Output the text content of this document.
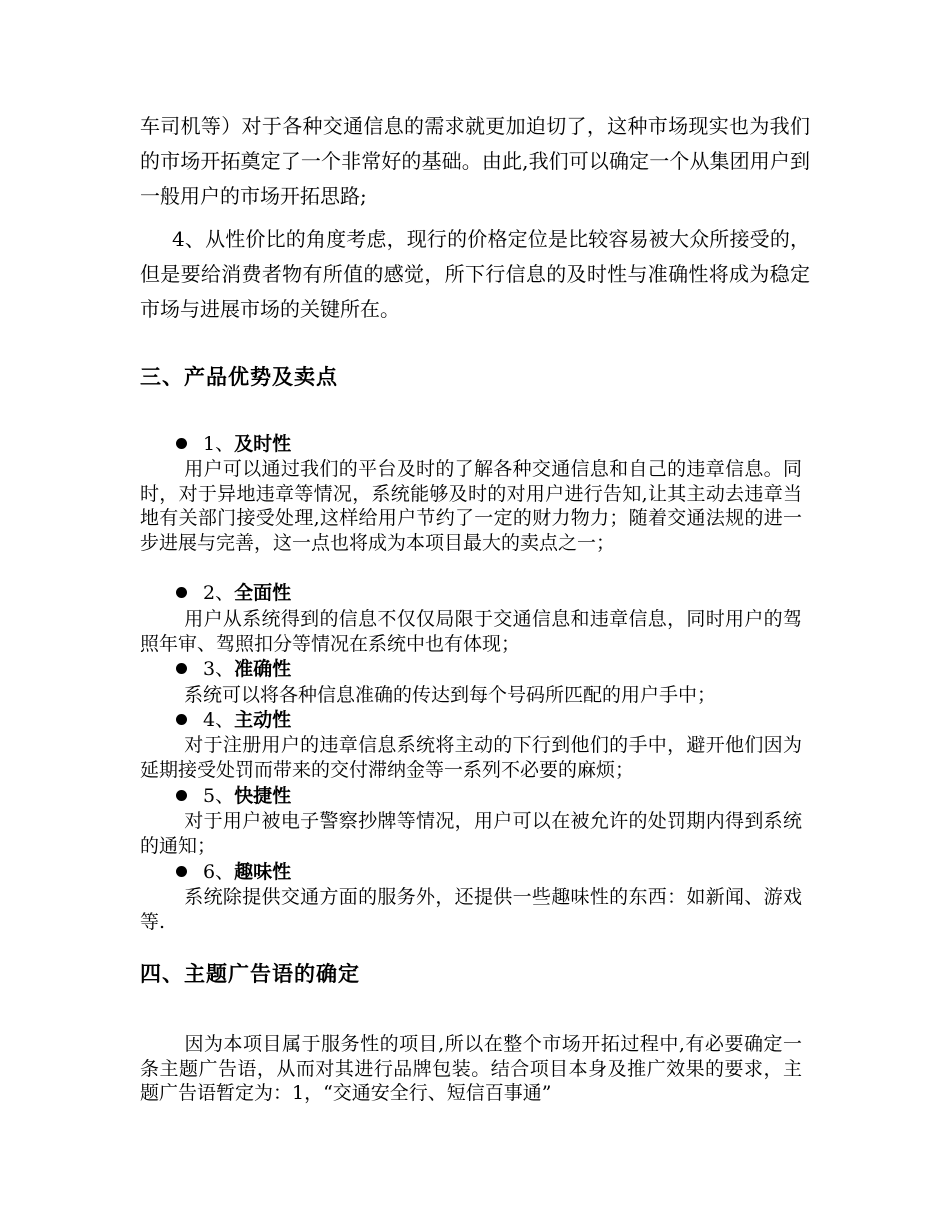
车司机等）对于各种交通信息的需求就更加迫切了，这种市场现实也为我们的市场开拓奠定了一个非常好的基础。由此,我们可以确定一个从集团用户到一般用户的市场开拓思路;

4、从性价比的角度考虑，现行的价格定位是比较容易被大众所接受的，但是要给消费者物有所值的感觉，所下行信息的及时性与准确性将成为稳定市场与进展市场的关键所在。

三、产品优势及卖点
1、及时性

用户可以通过我们的平台及时的了解各种交通信息和自己的违章信息。同时，对于异地违章等情况，系统能够及时的对用户进行告知,让其主动去违章当地有关部门接受处理,这样给用户节约了一定的财力物力；随着交通法规的进一步进展与完善，这一点也将成为本项目最大的卖点之一；

2、全面性

用户从系统得到的信息不仅仅局限于交通信息和违章信息，同时用户的驾照年审、驾照扣分等情况在系统中也有体现；

3、准确性

系统可以将各种信息准确的传达到每个号码所匹配的用户手中；

4、主动性

对于注册用户的违章信息系统将主动的下行到他们的手中，避开他们因为延期接受处罚而带来的交付滞纳金等一系列不必要的麻烦；

5、快捷性

对于用户被电子警察抄牌等情况，用户可以在被允许的处罚期内得到系统的通知；

6、趣味性

系统除提供交通方面的服务外，还提供一些趣味性的东西：如新闻、游戏等.

四、主题广告语的确定

因为本项目属于服务性的项目,所以在整个市场开拓过程中,有必要确定一条主题广告语，从而对其进行品牌包装。结合项目本身及推广效果的要求，主题广告语暂定为：1，“交通安全行、短信百事通”
